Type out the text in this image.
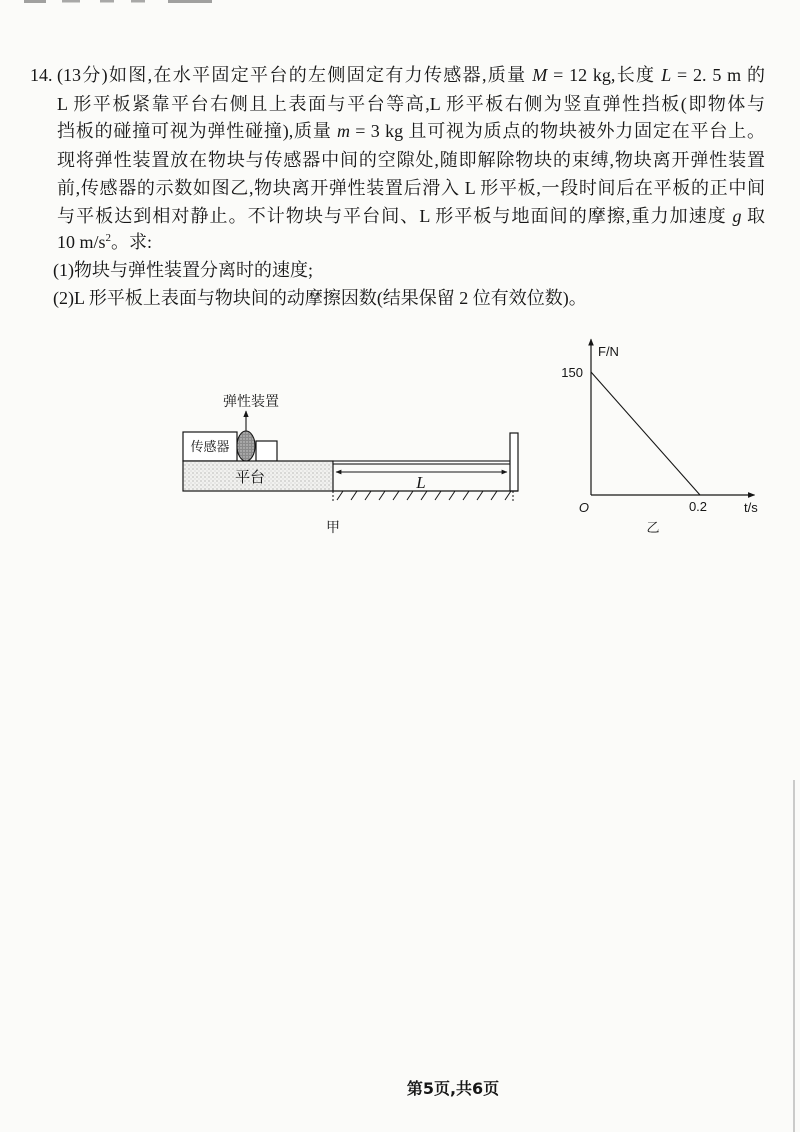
14. (13分)如图,在水平固定平台的左侧固定有力传感器,质量 M = 12 kg,长度 L = 2. 5 m 的
L 形平板紧靠平台右侧且上表面与平台等高,L 形平板右侧为竖直弹性挡板(即物体与
挡板的碰撞可视为弹性碰撞),质量 m = 3 kg 且可视为质点的物块被外力固定在平台上。
现将弹性装置放在物块与传感器中间的空隙处,随即解除物块的束缚,物块离开弹性装置
前,传感器的示数如图乙,物块离开弹性装置后滑入 L 形平板,一段时间后在平板的正中间
与平板达到相对静止。不计物块与平台间、L 形平板与地面间的摩擦,重力加速度 g 取
10 $m/s^2$。求:
(1)物块与弹性装置分离时的速度;
(2)L 形平板上表面与物块间的动摩擦因数(结果保留 2 位有效位数)。
弹性装置
传感器
平台	L
甲
0.2
150
F/N
O	t/s
乙
第5页,共6页
